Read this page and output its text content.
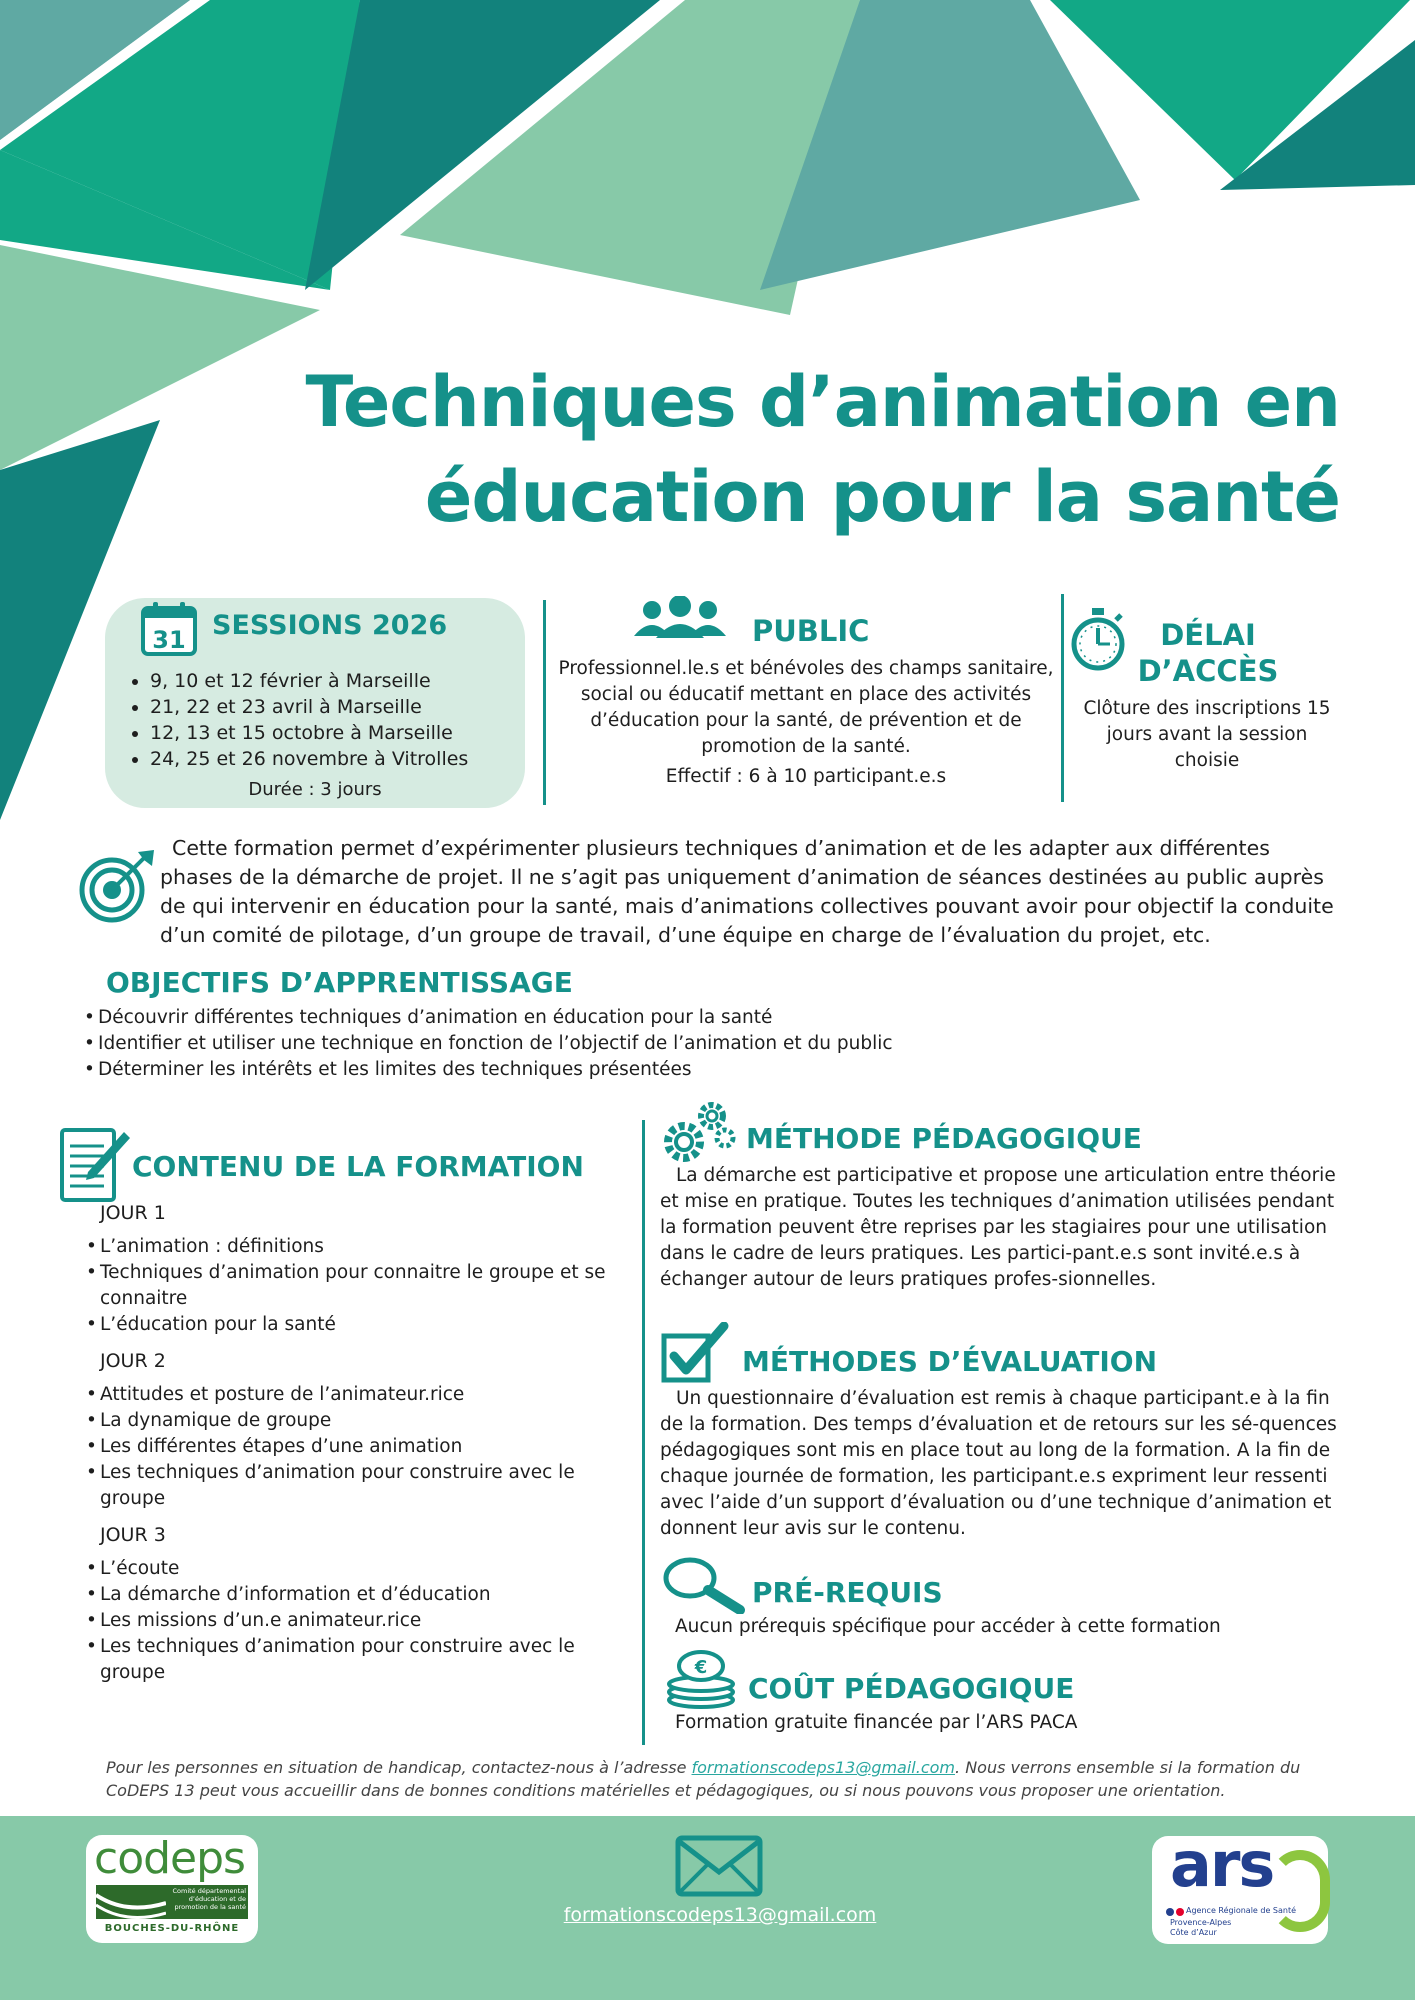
Techniques d’animation en
éducation pour la santé
31 SESSIONS 2026
• 9, 10 et 12 février à Marseille
• 21, 22 et 23 avril à Marseille
• 12, 13 et 15 octobre à Marseille
• 24, 25 et 26 novembre à Vitrolles
Durée : 3 jours
PUBLIC
Professionnel.le.s et bénévoles des champs sanitaire, social ou éducatif mettant en place des activités d’éducation pour la santé, de prévention et de promotion de la santé.
Effectif : 6 à 10 participant.e.s
DÉLAI
D’ACCÈS
Clôture des inscriptions 15 jours avant la session choisie
Cette formation permet d’expérimenter plusieurs techniques d’animation et de les adapter aux différentes phases de la démarche de projet. Il ne s’agit pas uniquement d’animation de séances destinées au public auprès de qui intervenir en éducation pour la santé, mais d’animations collectives pouvant avoir pour objectif la conduite d’un comité de pilotage, d’un groupe de travail, d’une équipe en charge de l’évaluation du projet, etc.
OBJECTIFS D’APPRENTISSAGE
• Découvrir différentes techniques d’animation en éducation pour la santé
• Identifier et utiliser une technique en fonction de l’objectif de l’animation et du public
• Déterminer les intérêts et les limites des techniques présentées
CONTENU DE LA FORMATION
JOUR 1
• L’animation : définitions
• Techniques d’animation pour connaitre le groupe et se connaitre
• L’éducation pour la santé
JOUR 2
• Attitudes et posture de l’animateur.rice
• La dynamique de groupe
• Les différentes étapes d’une animation
• Les techniques d’animation pour construire avec le groupe
JOUR 3
• L’écoute
• La démarche d’information et d’éducation
• Les missions d’un.e animateur.rice
• Les techniques d’animation pour construire avec le groupe
MÉTHODE PÉDAGOGIQUE
La démarche est participative et propose une articulation entre théorie et mise en pratique. Toutes les techniques d’animation utilisées pendant la formation peuvent être reprises par les stagiaires pour une utilisation dans le cadre de leurs pratiques. Les partici-pant.e.s sont invité.e.s à échanger autour de leurs pratiques profes-sionnelles.
MÉTHODES D’ÉVALUATION
Un questionnaire d’évaluation est remis à chaque participant.e à la fin de la formation. Des temps d’évaluation et de retours sur les sé-quences pédagogiques sont mis en place tout au long de la formation. A la fin de chaque journée de formation, les participant.e.s expriment leur ressenti avec l’aide d’un support d’évaluation ou d’une technique d’animation et donnent leur avis sur le contenu.
PRÉ-REQUIS
Aucun prérequis spécifique pour accéder à cette formation
€
COÛT PÉDAGOGIQUE
Formation gratuite financée par l’ARS PACA
Pour les personnes en situation de handicap, contactez-nous à l’adresse formationscodeps13@gmail.com. Nous verrons ensemble si la formation du CoDEPS 13 peut vous accueillir dans de bonnes conditions matérielles et pédagogiques, ou si nous pouvons vous proposer une orientation.
codeps
Comité départemental d’éducation et de promotion de la santé
BOUCHES-DU-RHÔNE
formationscodeps13@gmail.com
ars
Agence Régionale de Santé
Provence-Alpes
Côte d’Azur
